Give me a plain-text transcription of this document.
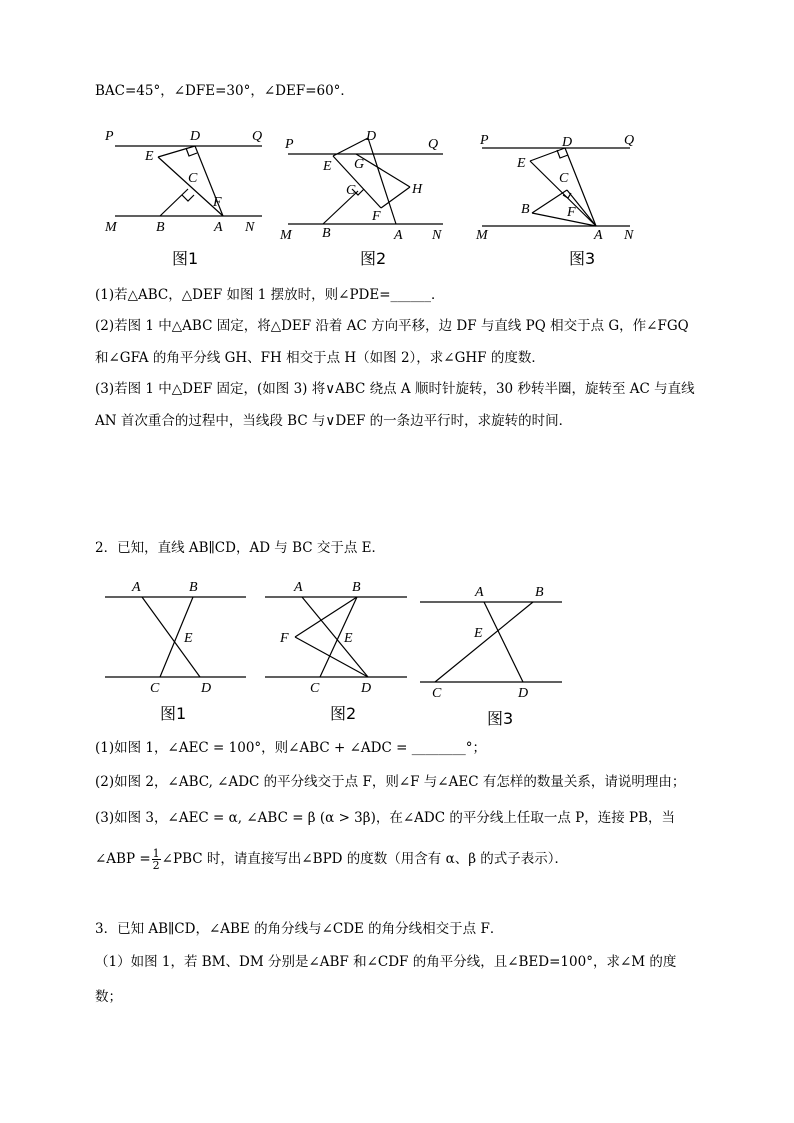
BAC=45°，∠DFE=30°，∠DEF=60°．
P	D	Q
E
C
F
M	B	A N
图1
P
D
Q
E G
C	H
F
M B	A N
图2
P	D	Q
E
C
B	F
M	A N
图3
(1)若△ABC，△DEF 如图 1 摆放时，则∠PDE=______．
(2)若图 1 中△ABC 固定，将△DEF 沿着 AC 方向平移，边 DF 与直线 PQ 相交于点 G，作∠FGQ
和∠GFA 的角平分线 GH、FH 相交于点 H（如图 2），求∠GHF 的度数．
(3)若图 1 中△DEF 固定，(如图 3) 将∨ABC 绕点 A 顺时针旋转，30 秒转半圈，旋转至 AC 与直线
AN 首次重合的过程中，当线段 BC 与∨DEF 的一条边平行时，求旋转的时间．
2．已知，直线 AB∥CD，AD 与 BC 交于点 E．
A	B
E
C	D
图1
A	B
F	E
C	D
图2
A	B
E
C	D
图3
(1)如图 1，∠AEC = 100°，则∠ABC + ∠ADC = ________°；
(2)如图 2，∠ABC, ∠ADC 的平分线交于点 F，则∠F 与∠AEC 有怎样的数量关系，请说明理由；
(3)如图 3，∠AEC = α, ∠ABC = β (α > 3β)，在∠ADC 的平分线上任取一点 P，连接 PB，当
∠ABP = $\frac{1}{2}$ ∠PBC 时，请直接写出∠BPD 的度数（用含有 α、β 的式子表示）．
3．已知 AB∥CD，∠ABE 的角分线与∠CDE 的角分线相交于点 F．
（1）如图 1，若 BM、DM 分别是∠ABF 和∠CDF 的角平分线，且∠BED=100°，求∠M 的度
数；
